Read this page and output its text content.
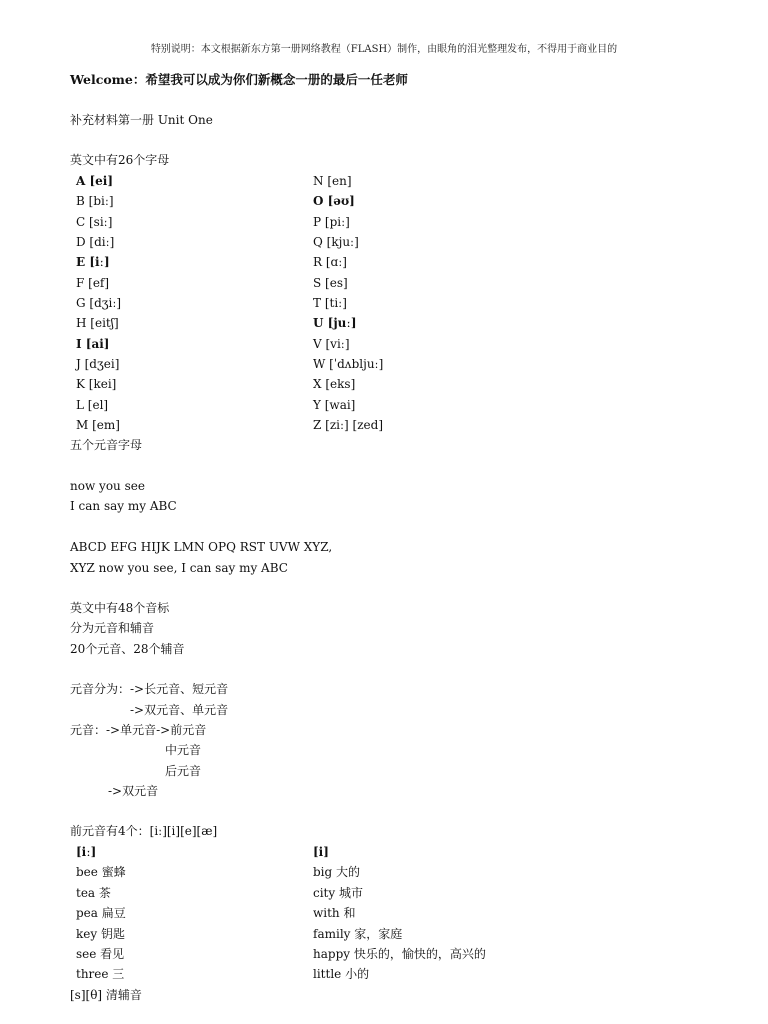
特别说明：本文根据新东方第一册网络教程（FLASH）制作，由眼角的泪光整理发布，不得用于商业目的
Welcome：希望我可以成为你们新概念一册的最后一任老师
补充材料第一册 Unit One
英文中有26个字母
A [ei]
B [biː]
C [siː]
D [diː]
E [iː]
F [ef]
G [dʒiː]
H [eitʃ]
I [ai]
J [dʒei]
K [kei]
L [el]
M [em]
N [en]
O [əʊ]
P [piː]
Q [kjuː]
R [ɑː]
S [es]
T [tiː]
U [juː]
V [viː]
W [ˈdʌbljuː]
X [eks]
Y [wai]
Z [ziː] [zed]
五个元音字母
now you see
I can say my ABC
ABCD EFG HIJK LMN OPQ RST UVW XYZ,
XYZ now you see, I can say my ABC
英文中有48个音标
分为元音和辅音
20个元音、28个辅音
元音分为：->长元音、短元音
->双元音、单元音
元音：->单元音->前元音
中元音
后元音
->双元音
前元音有4个：[iː][i][e][æ]
[iː]
bee 蜜蜂
tea 茶
pea 扁豆
key 钥匙
see 看见
three 三
[i]
big 大的
city 城市
with 和
family 家，家庭
happy 快乐的，愉快的，高兴的
little 小的
[s][θ] 清辅音
